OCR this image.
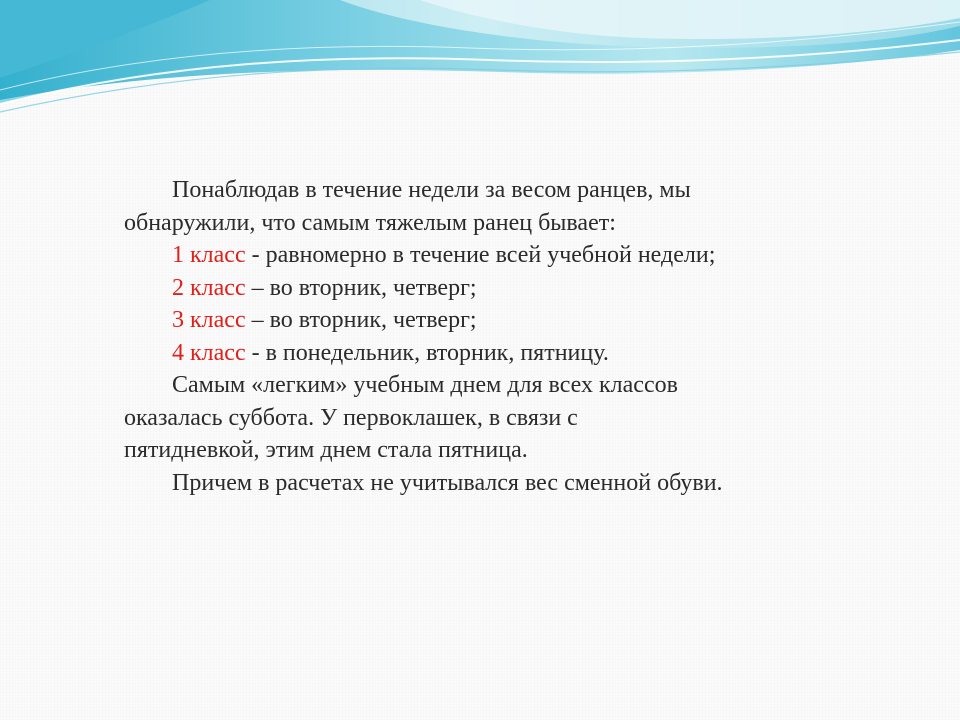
Понаблюдав в течение недели за весом ранцев, мы
обнаружили, что самым тяжелым ранец бывает:
1 класс - равномерно в течение всей учебной недели;
2 класс – во вторник, четверг;
3 класс – во вторник, четверг;
4 класс - в понедельник, вторник, пятницу.
Самым «легким» учебным днем для всех классов
оказалась суббота. У первоклашек, в связи с
пятидневкой, этим днем стала пятница.
Причем в расчетах не учитывался вес сменной обуви.
